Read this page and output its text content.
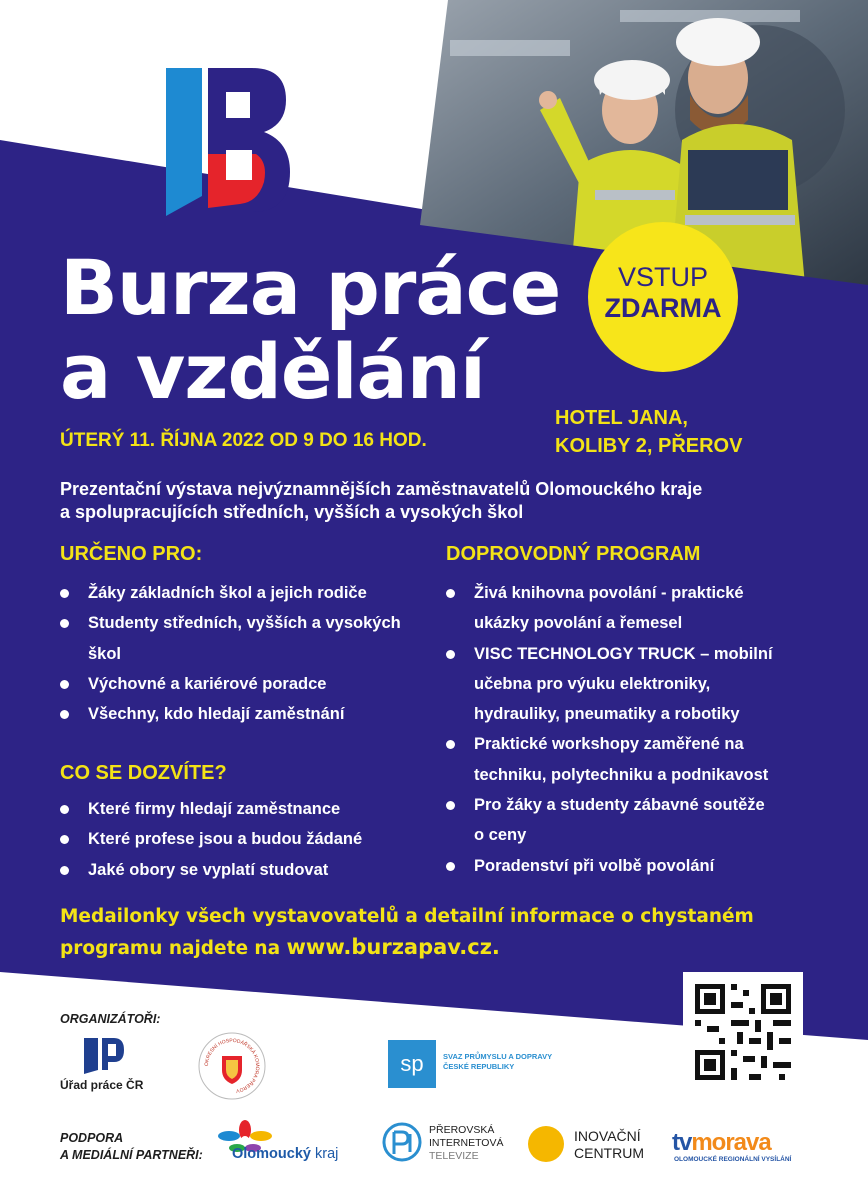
Burza práce
a vzdělání
VSTUP
ZDARMA
ÚTERÝ 11. ŘÍJNA 2022 OD 9 DO 16 HOD.
HOTEL JANA,
KOLIBY 2, PŘEROV
Prezentační výstava nejvýznamnějších zaměstnavatelů Olomouckého kraje
a spolupracujících středních, vyšších a vysokých škol
URČENO PRO:
Žáky základních škol a jejich rodiče
Studenty středních, vyšších a vysokých
škol
Výchovné a kariérové poradce
Všechny, kdo hledají zaměstnání
CO SE DOZVÍTE?
Které firmy hledají zaměstnance
Které profese jsou a budou žádané
Jaké obory se vyplatí studovat
DOPROVODNÝ PROGRAM
Živá knihovna povolání - praktické
ukázky povolání a řemesel
VISC TECHNOLOGY TRUCK – mobilní
učebna pro výuku elektroniky,
hydrauliky, pneumatiky a robotiky
Praktické workshopy zaměřené na
techniku, polytechniku a podnikavost
Pro žáky a studenty zábavné soutěže
o ceny
Poradenství při volbě povolání
Medailonky všech vystavovatelů a detailní informace o chystaném
programu najdete na www.burzapav.cz.
ORGANIZÁTOŘI:
Úřad práce ČR
OKRESNÍ HOSPODÁŘSKÁ KOMORA PŘEROV
sp	SVAZ PRŮMYSLU A DOPRAVY
ČESKÉ REPUBLIKY
PODPORA
A MEDIÁLNÍ PARTNEŘI: Olomoucký kraj
PŘEROVSKÁ
INTERNETOVÁ
TELEVIZE
INOVAČNÍ
CENTRUM tvmorava
OLOMOUCKÉ REGIONÁLNÍ VYSÍLÁNÍ
